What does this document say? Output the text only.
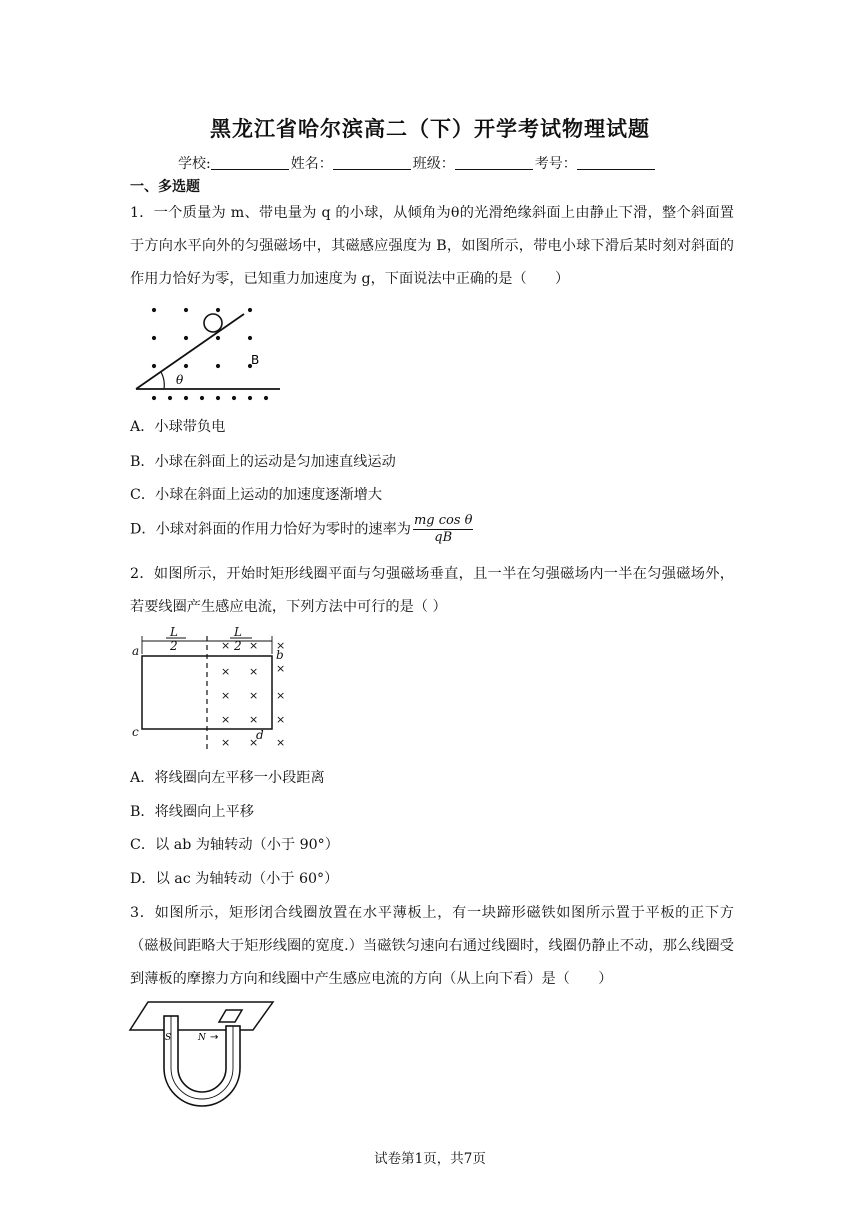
黑龙江省哈尔滨高二（下）开学考试物理试题
学校:	姓名：	班级：	考号：
一、多选题
1．一个质量为 m、带电量为 q 的小球，从倾角为θ的光滑绝缘斜面上由静止下滑，整个斜面置于方向水平向外的匀强磁场中，其磁感应强度为 B，如图所示，带电小球下滑后某时刻对斜面的作用力恰好为零，已知重力加速度为 g，下面说法中正确的是（　　）
θ
B
A．小球带负电
B．小球在斜面上的运动是匀加速直线运动
C．小球在斜面上运动的加速度逐渐增大
D．小球对斜面的作用力恰好为零时的速率为 $\frac{\text{mg cos θ}}{qB}$
2．如图所示，开始时矩形线圈平面与匀强磁场垂直，且一半在匀强磁场内一半在匀强磁场外，若要线圈产生感应电流，下列方法中可行的是（ ）
L
2
L
2
a	b
c	d
× × ×
×
× ×
× × ×
× × ×
× × ×
A．将线圈向左平移一小段距离
B．将线圈向上平移
C．以 ab 为轴转动（小于 90°）
D．以 ac 为轴转动（小于 60°）
3．如图所示，矩形闭合线圈放置在水平薄板上，有一块蹄形磁铁如图所示置于平板的正下方（磁极间距略大于矩形线圈的宽度.）当磁铁匀速向右通过线圈时，线圈仍静止不动，那么线圈受到薄板的摩擦力方向和线圈中产生感应电流的方向（从上向下看）是（　　）
S	N →
试卷第1页，共7页
